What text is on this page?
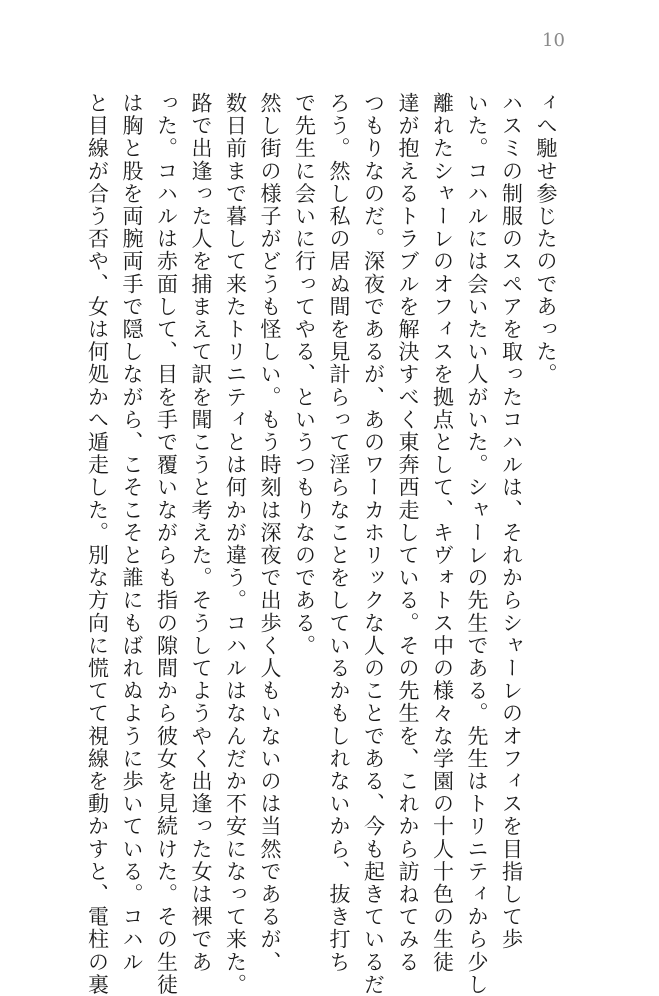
10
ィへ馳せ参じたのであった。
ハスミの制服のスペアを取ったコハルは、それからシャーレのオフィスを目指して歩
いた。コハルには会いたい人がいた。シャーレの先生である。先生はトリニティから少し
離れたシャーレのオフィスを拠点として、キヴォトス中の様々な学園の十人十色の生徒
達が抱えるトラブルを解決すべく東奔西走している。その先生を、これから訪ねてみる
つもりなのだ。深夜であるが、あのワーカホリックな人のことである、今も起きているだ
ろう。然し私の居ぬ間を見計らって淫らなことをしているかもしれないから、抜き打ち
で先生に会いに行ってやる、というつもりなのである。
然し街の様子がどうも怪しい。もう時刻は深夜で出歩く人もいないのは当然であるが、
数日前まで暮して来たトリニティとは何かが違う。コハルはなんだか不安になって来た。
路で出逢った人を捕まえて訳を聞こうと考えた。そうしてようやく出逢った女は裸であ
った。コハルは赤面して、目を手で覆いながらも指の隙間から彼女を見続けた。その生徒
は胸と股を両腕両手で隠しながら、こそこそと誰にもばれぬように歩いている。コハル
と目線が合う否や、女は何処かへ遁走した。別な方向に慌てて視線を動かすと、電柱の裏
